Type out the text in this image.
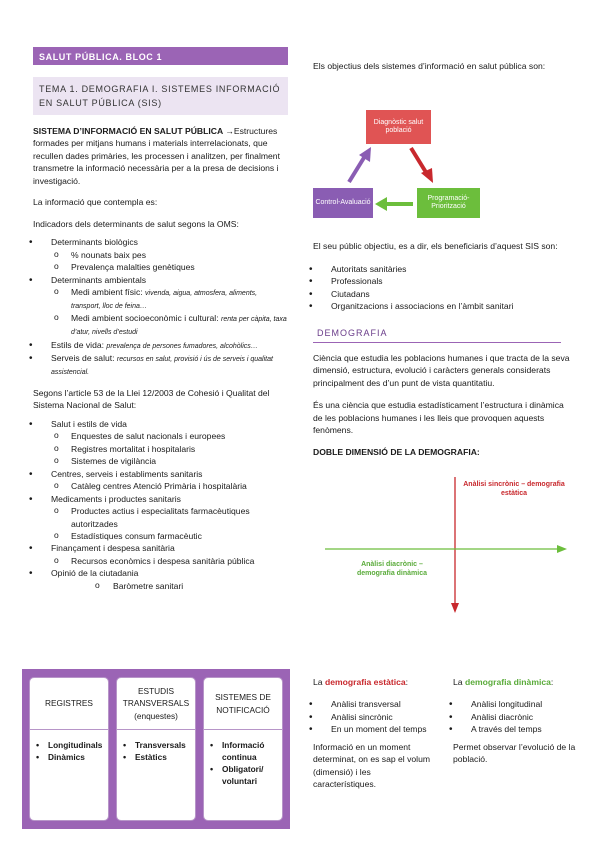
SALUT PÚBLICA. BLOC 1
TEMA 1. DEMOGRAFIA I. SISTEMES INFORMACIÓ EN SALUT PÚBLICA (SIS)

SISTEMA D’INFORMACIÓ EN SALUT PÚBLICA →Estructures formades per mitjans humans i materials interrelacionats, que recullen dades primàries, les processen i analitzen, per finalment transmetre la informació necessària per a la presa de decisions i investigació.

La informació que contempla es:

Indicadors dels determinants de salut segons la OMS:

• Determinants biològics
o % nounats baix pes
o Prevalença malalties genètiques
• Determinants ambientals
o Medi ambient físic: vivenda, aigua, atmosfera, aliments, transport, lloc de feina…
o Medi ambient socioeconòmic i cultural: renta per càpita, taxa d’atur, nivells d’estudi
• Estils de vida: prevalença de persones fumadores, alcohòlics…
• Serveis de salut: recursos en salut, provisió i ús de serveis i qualitat assistencial.

Segons l’article 53 de la Llei 12/2003 de Cohesió i Qualitat del Sistema Nacional de Salut:

• Salut i estils de vida
o Enquestes de salut nacionals i europees
o Registres mortalitat i hospitalaris
o Sistemes de vigilància
• Centres, serveis i establiments sanitaris
o Catàleg centres Atenció Primària i hospitalària
• Medicaments i productes sanitaris
o Productes actius i especialitats farmacèutiques autoritzades
o Estadístiques consum farmacèutic
• Finançament i despesa sanitària
o Recursos econòmics i despesa sanitària pública
• Opinió de la ciutadania
o Baròmetre sanitari
REGISTRES
• Longitudinals
• Dinàmics
ESTUDIS TRANSVERSALS (enquestes)
• Transversals
• Estàtics
SISTEMES DE NOTIFICACIÓ
• Informació continua
• Obligatori/ voluntari

Els objectius dels sistemes d’informació en salut pública son:

Diagnòstic salut població
Control-Avaluació
Programació-Priorització

El seu públic objectiu, es a dir, els beneficiaris d’aquest SIS son:

• Autoritats sanitàries
• Professionals
• Ciutadans
• Organitzacions i associacions en l’àmbit sanitari
DEMOGRAFIA

Ciència que estudia les poblacions humanes i que tracta de la seva dimensió, estructura, evolució i caràcters generals considerats principalment des d’un punt de vista quantitatiu.

És una ciència que estudia estadísticament l’estructura i dinàmica de les poblacions humanes i les lleis que provoquen aquests fenòmens.

DOBLE DIMENSIÓ DE LA DEMOGRAFIA:

Anàlisi sincrònic – demografia estàtica
Anàlisi diacrònic – demografia dinàmica
La demografia estàtica:
• Anàlisi transversal
• Anàlisi sincrònic
• En un moment del temps

Informació en un moment determinat, on es sap el volum (dimensió) i les característiques.

La demografia dinàmica:
• Anàlisi longitudinal
• Anàlisi diacrònic
• A través del temps

Permet observar l’evolució de la població.
